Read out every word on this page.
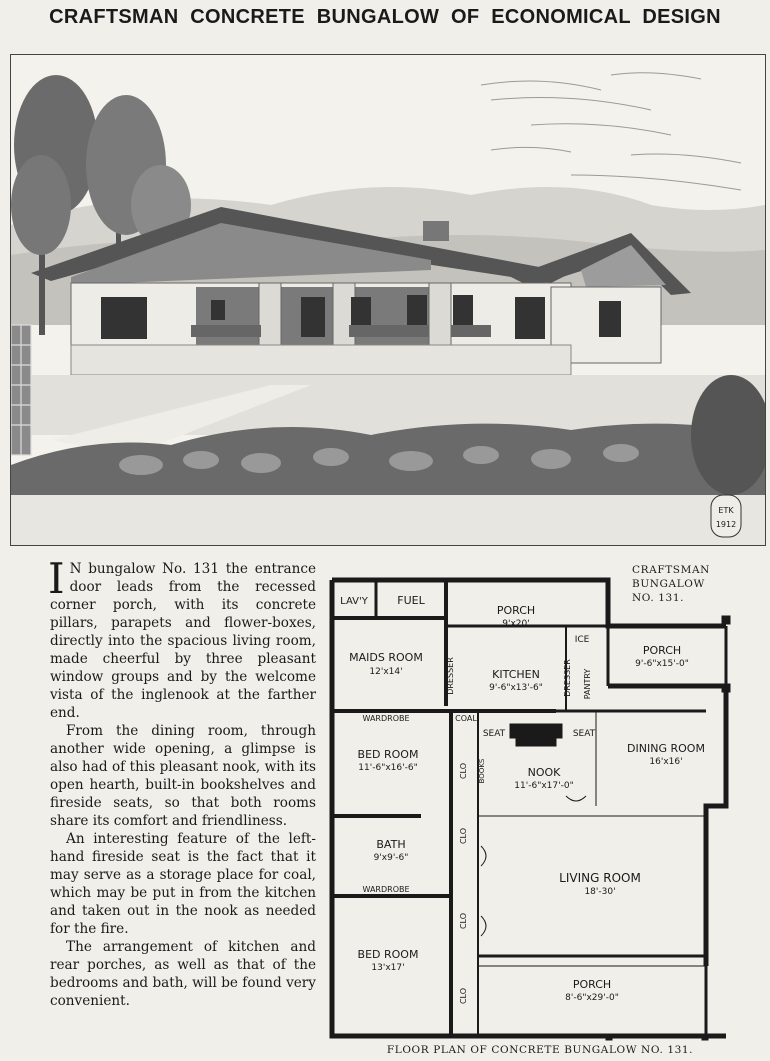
CRAFTSMAN CONCRETE BUNGALOW OF ECONOMICAL DESIGN
ETK
1912

I N bungalow No. 131 the entrance door leads from the recessed corner porch, with its concrete pillars, parapets and flower-boxes, directly into the spacious living room, made cheerful by three pleasant window groups and by the welcome vista of the inglenook at the farther end.

From the dining room, through another wide opening, a glimpse is also had of this pleasant nook, with its open hearth, built-in bookshelves and fireside seats, so that both rooms share its comfort and friendliness.

An interesting feature of the left-hand fireside seat is the fact that it may serve as a storage place for coal, which may be put in from the kitchen and taken out in the nook as needed for the fire.

The arrangement of kitchen and rear porches, as well as that of the bedrooms and bath, will be found very convenient.

CRAFTSMAN
BUNGALOW
NO. 131.
LAV'Y	FUEL
PORCH
9'x20'
ICE
PORCH
9'-6"x15'-0"
MAIDS ROOM
12'x14'	DRESSER	KITCHEN
9'-6"x13'-6"	DRESSER PANTRY
WARDROBE	COAL
SEAT	SEAT
BED ROOM
11'-6"x16'-6"	CLO BOOKS	NOOK
11'-6"x17'-0"
DINING ROOM
16'x16'
CLO
BATH
9'x9'-6"
WARDROBE
LIVING ROOM
18'-30'
CLO
BED ROOM
13'x17'
CLO
PORCH
8'-6"x29'-0"
FLOOR PLAN OF CONCRETE BUNGALOW NO. 131.
